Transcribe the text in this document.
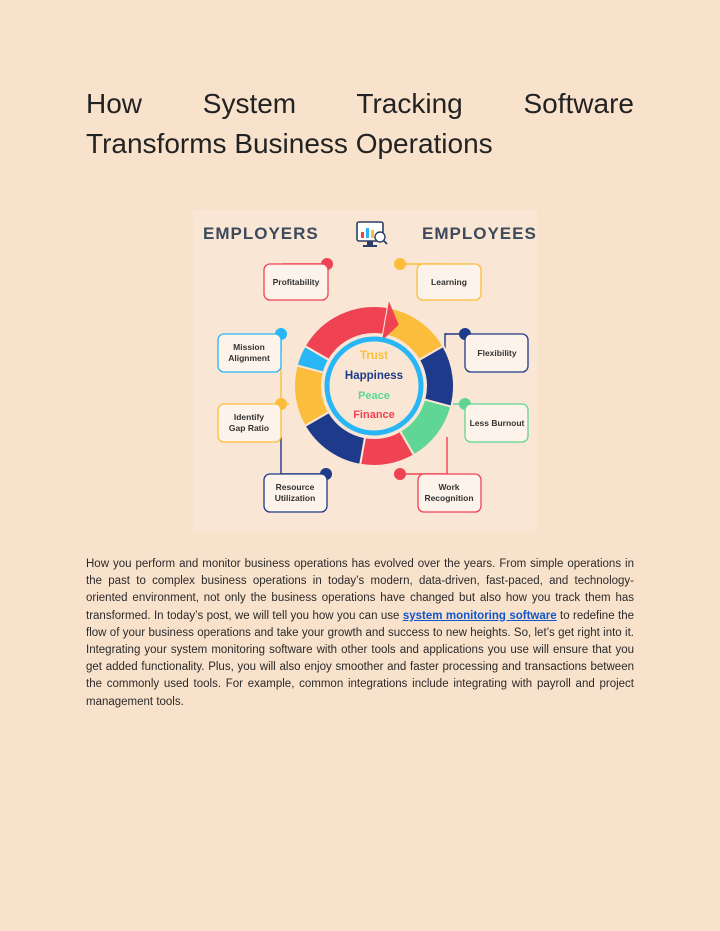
How System Tracking Software
Transforms Business Operations
EMPLOYERS	EMPLOYEES
Profitability
Mission Alignment
Identify Gap Ratio
Resource Utilization
Learning
Flexibility
Less Burnout
Work Recognition
Trust
Happiness
Peace
Finance

How you perform and monitor business operations has evolved over the years. From simple operations in the past to complex business operations in today’s modern, data-driven, fast-paced, and technology-oriented environment, not only the business operations have changed but also how you track them has transformed. In today’s post, we will tell you how you can use system monitoring software to redefine the flow of your business operations and take your growth and success to new heights. So, let’s get right into it. Integrating your system monitoring software with other tools and applications you use will ensure that you get added functionality. Plus, you will also enjoy smoother and faster processing and transactions between the commonly used tools. For example, common integrations include integrating with payroll and project management tools.
